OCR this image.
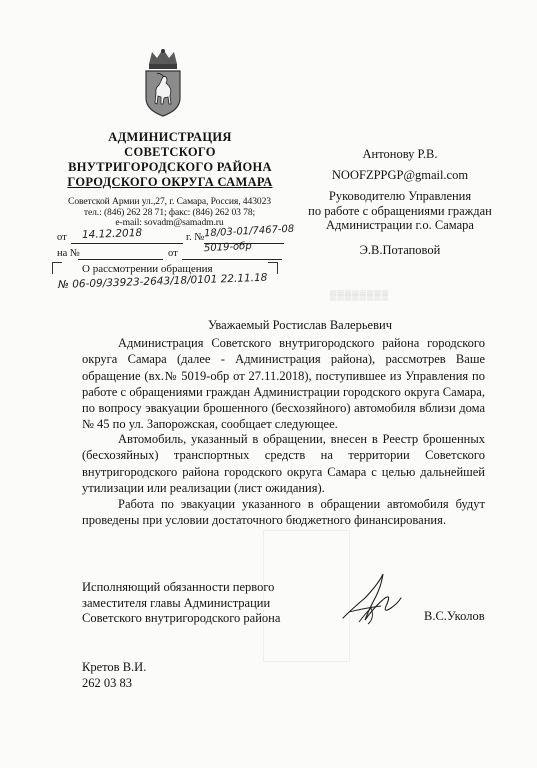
АДМИНИСТРАЦИЯ
СОВЕТСКОГО
ВНУТРИГОРОДСКОГО РАЙОНА
ГОРОДСКОГО ОКРУГА САМАРА
Советской Армии ул.,27, г. Самара, Россия, 443023
тел.: (846) 262 28 71; факс: (846) 262 03 78;
e-mail: sovadm@samadm.ru
от 14.12.2018	г. № 18/03-01/7467-08
на №	от	5019-обр
О рассмотрении обращения
№ 06-09/33923-2643/18/0101 22.11.18
Антонову Р.В.
NOOFZPPGP@gmail.com
Руководителю Управления
по работе с обращениями граждан
Администрации г.о. Самара
Э.В.Потаповой
▒▒▒▒▒▒▒▒
Уважаемый Ростислав Валерьевич
Администрация Советского внутригородского района городского округа Самара (далее - Администрация района), рассмотрев Ваше обращение (вх.№ 5019-обр от 27.11.2018), поступившее из Управления по работе с обращениями граждан Администрации городского округа Самара, по вопросу эвакуации брошенного (бесхозяйного) автомобиля вблизи дома № 45 по ул. Запорожская, сообщает следующее.
Автомобиль, указанный в обращении, внесен в Реестр брошенных (бесхозяйных) транспортных средств на территории Советского внутригородского района городского округа Самара с целью дальнейшей утилизации или реализации (лист ожидания).
Работа по эвакуации указанного в обращении автомобиля будут проведены при условии достаточного бюджетного финансирования.
Исполняющий обязанности первого
заместителя главы Администрации
Советского внутригородского района	В.С.Уколов
Кретов В.И.
262 03 83
